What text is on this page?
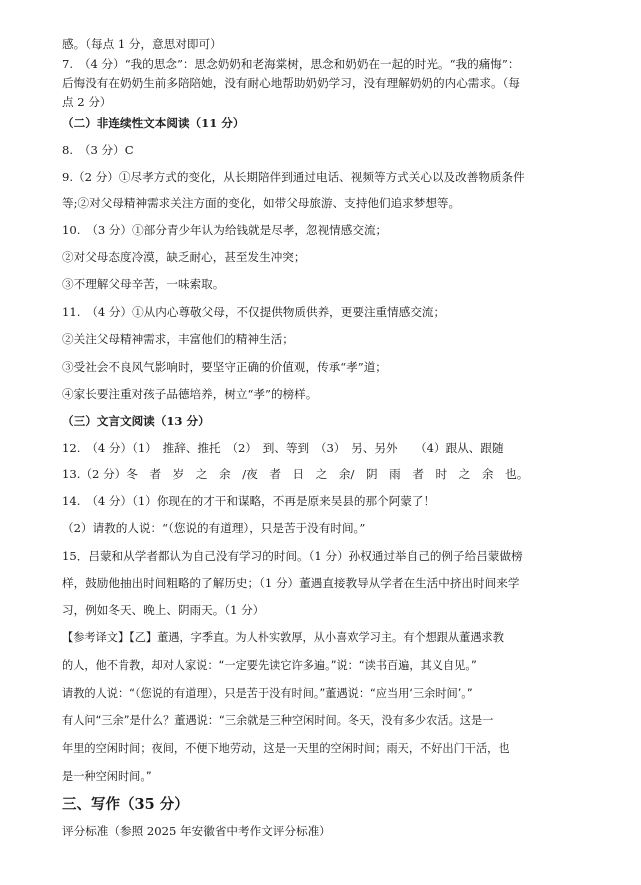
感。（每点 1 分，意思对即可）
7.　（4 分）“我的思念”：思念奶奶和老海棠树，思念和奶奶在一起的时光。“我的痛悔”：
后悔没有在奶奶生前多陪陪她，没有耐心地帮助奶奶学习，没有理解奶奶的内心需求。（每
点 2 分）
（二）非连续性文本阅读（11 分）
8.　（3 分）C
9.（2 分）①尽孝方式的变化，从长期陪伴到通过电话、视频等方式关心以及改善物质条件
等;②对父母精神需求关注方面的变化，如带父母旅游、支持他们追求梦想等。
10.　（3 分）①部分青少年认为给钱就是尽孝，忽视情感交流；
②对父母态度冷漠，缺乏耐心，甚至发生冲突；
③不理解父母辛苦，一味索取。
11.　（4 分）①从内心尊敬父母，不仅提供物质供养，更要注重情感交流；
②关注父母精神需求，丰富他们的精神生活；
③受社会不良风气影响时，要坚守正确的价值观，传承“孝”道；
④家长要注重对孩子品德培养，树立“孝”的榜样。
（三）文言文阅读（13 分）
12.　（4 分）（1）　推辞、推托　（2）　到、等到　（3）　另、另外　　（4）跟从、跟随
13.（2 分）冬　者　岁　之　余　/夜　者　日　之　余/　阴　雨　者　时　之　余　也。
14.　（4 分）（1）你现在的才干和谋略，不再是原来吴县的那个阿蒙了！
（2）请教的人说：“（您说的有道理），只是苦于没有时间。”
15．吕蒙和从学者都认为自己没有学习的时间。（1 分）孙权通过举自己的例子给吕蒙做榜
样，鼓励他抽出时间粗略的了解历史；（1 分）董遇直接教导从学者在生活中挤出时间来学
习，例如冬天、晚上、阴雨天。（1 分）
【参考译文】【乙】董遇，字季直。为人朴实敦厚，从小喜欢学习主。有个想跟从董遇求教
的人，他不肯教，却对人家说：“一定要先读它许多遍。”说：“读书百遍，其义自见。”
请教的人说：“（您说的有道理），只是苦于没有时间。”董遇说：“应当用‘三余时间’。”
有人问“三余”是什么？董遇说：“三余就是三种空闲时间。冬天，没有多少农活。这是一
年里的空闲时间；夜间，不便下地劳动，这是一天里的空闲时间；雨天，不好出门干活，也
是一种空闲时间。”
三、写作（35 分）
评分标准（参照 2025 年安徽省中考作文评分标准）
